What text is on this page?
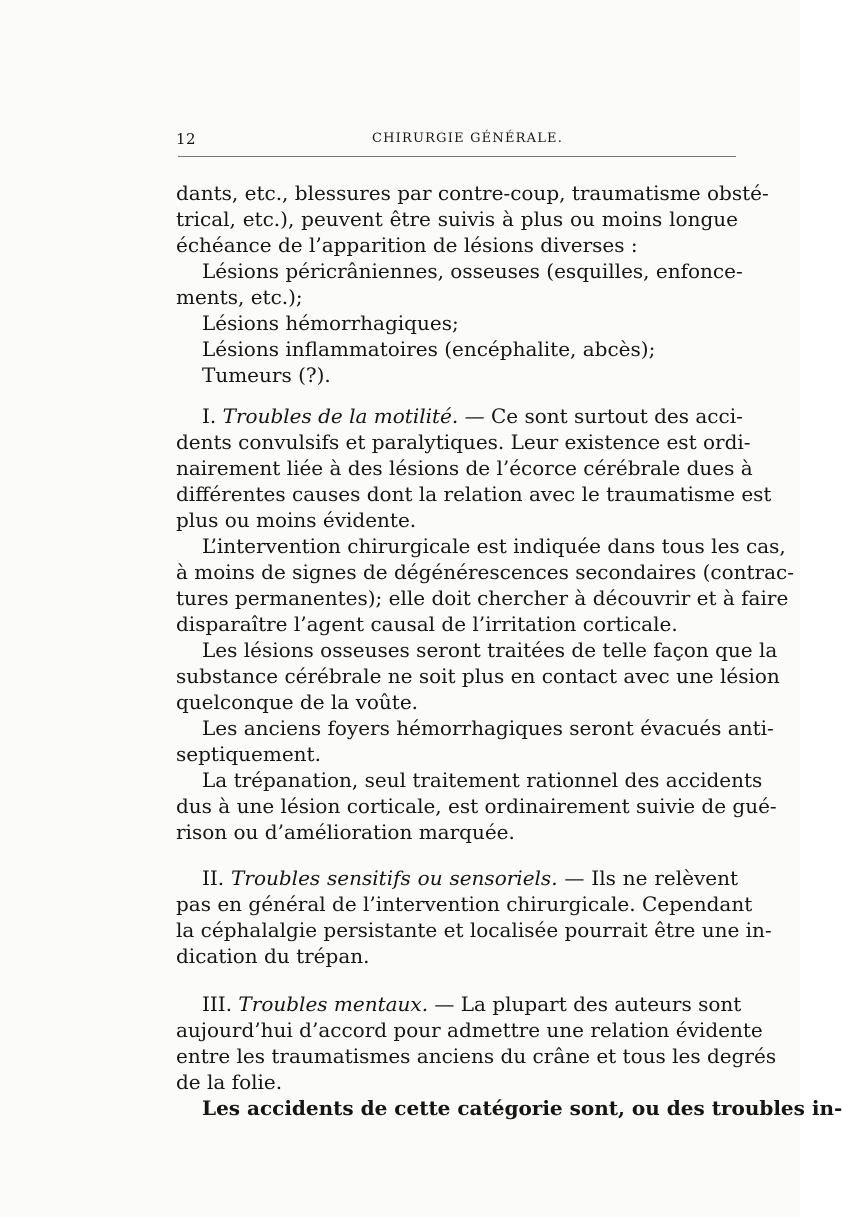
12	CHIRURGIE GÉNÉRALE.
dants, etc., blessures par contre-coup, traumatisme obsté-
trical, etc.), peuvent être suivis à plus ou moins longue
échéance de l’apparition de lésions diverses :
Lésions péricrâniennes, osseuses (esquilles, enfonce-
ments, etc.);
Lésions hémorrhagiques;
Lésions inflammatoires (encéphalite, abcès);
Tumeurs (?).
I. Troubles de la motilité. — Ce sont surtout des acci-
dents convulsifs et paralytiques. Leur existence est ordi-
nairement liée à des lésions de l’écorce cérébrale dues à
différentes causes dont la relation avec le traumatisme est
plus ou moins évidente.
L’intervention chirurgicale est indiquée dans tous les cas,
à moins de signes de dégénérescences secondaires (contrac-
tures permanentes); elle doit chercher à découvrir et à faire
disparaître l’agent causal de l’irritation corticale.
Les lésions osseuses seront traitées de telle façon que la
substance cérébrale ne soit plus en contact avec une lésion
quelconque de la voûte.
Les anciens foyers hémorrhagiques seront évacués anti-
septiquement.
La trépanation, seul traitement rationnel des accidents
dus à une lésion corticale, est ordinairement suivie de gué-
rison ou d’amélioration marquée.
II. Troubles sensitifs ou sensoriels. — Ils ne relèvent
pas en général de l’intervention chirurgicale. Cependant
la céphalalgie persistante et localisée pourrait être une in-
dication du trépan.
III. Troubles mentaux. — La plupart des auteurs sont
aujourd’hui d’accord pour admettre une relation évidente
entre les traumatismes anciens du crâne et tous les degrés
de la folie.
Les accidents de cette catégorie sont, ou des troubles in-
